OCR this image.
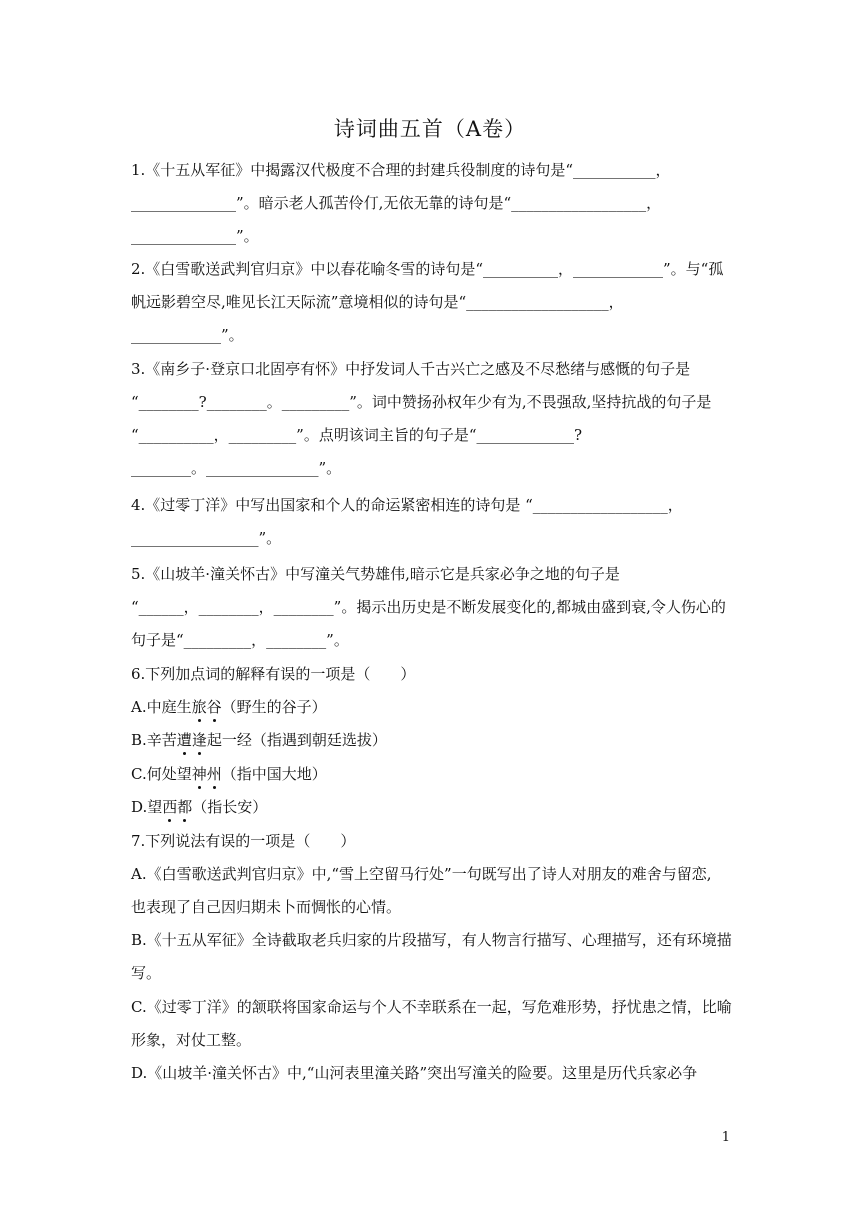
诗词曲五首（A卷）
1.《十五从军征》中揭露汉代极度不合理的封建兵役制度的诗句是“___________，
______________”。暗示老人孤苦伶仃,无依无靠的诗句是“__________________，
______________”。
2.《白雪歌送武判官归京》中以春花喻冬雪的诗句是“__________，____________”。与“孤
帆远影碧空尽,唯见长江天际流”意境相似的诗句是“___________________，
____________”。
3.《南乡子·登京口北固亭有怀》中抒发词人千古兴亡之感及不尽愁绪与感慨的句子是
“________?________。_________”。词中赞扬孙权年少有为,不畏强敌,坚持抗战的句子是
“__________，_________”。点明该词主旨的句子是“_____________?
________。_______________”。
4.《过零丁洋》中写出国家和个人的命运紧密相连的诗句是 “__________________，
_________________”。
5.《山坡羊·潼关怀古》中写潼关气势雄伟,暗示它是兵家必争之地的句子是
“______，________，________”。揭示出历史是不断发展变化的,都城由盛到衰,令人伤心的
句子是“_________，________”。
6.下列加点词的解释有误的一项是（　　）
A.中庭生旅谷（野生的谷子）
B.辛苦遭逢起一经（指遇到朝廷选拔）
C.何处望神州（指中国大地）
D.望西都（指长安）
7.下列说法有误的一项是（　　）
A.《白雪歌送武判官归京》中,“雪上空留马行处”一句既写出了诗人对朋友的难舍与留恋,
也表现了自己因归期未卜而惆怅的心情。
B.《十五从军征》全诗截取老兵归家的片段描写，有人物言行描写、心理描写，还有环境描
写。
C.《过零丁洋》的颔联将国家命运与个人不幸联系在一起，写危难形势，抒忧患之情，比喻
形象，对仗工整。
D.《山坡羊·潼关怀古》中,“山河表里潼关路”突出写潼关的险要。这里是历代兵家必争
1
